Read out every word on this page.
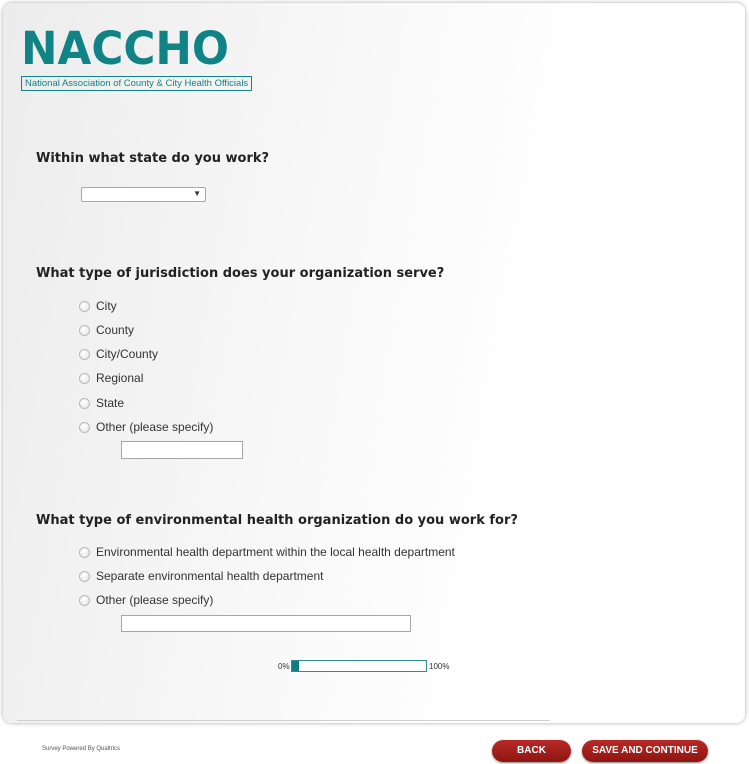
NACCHO
National Association of County & City Health Officials
Within what state do you work?
▼
What type of jurisdiction does your organization serve?
City
County
City/County
Regional
State
Other (please specify)
What type of environmental health organization do you work for?
Environmental health department within the local health department
Separate environmental health department
Other (please specify)
0%	100%
Survey Powered By Qualtrics	BACK	SAVE AND CONTINUE
